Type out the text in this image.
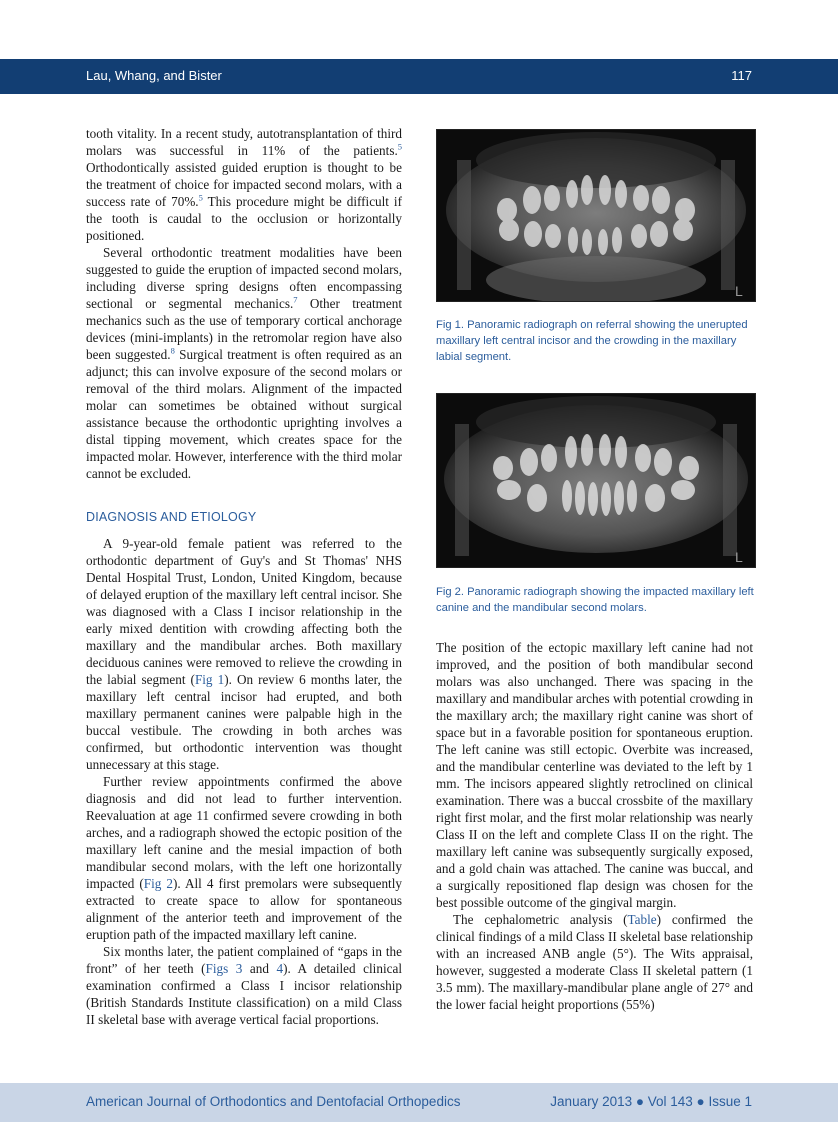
Lau, Whang, and Bister	117

tooth vitality. In a recent study, autotransplantation of third molars was successful in 11% of the patients.$^5$ Orthodontically assisted guided eruption is thought to be the treatment of choice for impacted second molars, with a success rate of 70%.$^5$ This procedure might be difficult if the tooth is caudal to the occlusion or horizontally positioned.

Several orthodontic treatment modalities have been suggested to guide the eruption of impacted second molars, including diverse spring designs often encompassing sectional or segmental mechanics.$^7$ Other treatment mechanics such as the use of temporary cortical anchorage devices (mini-implants) in the retromolar region have also been suggested.$^8$ Surgical treatment is often required as an adjunct; this can involve exposure of the second molars or removal of the third molars. Alignment of the impacted molar can sometimes be obtained without surgical assistance because the orthodontic uprighting involves a distal tipping movement, which creates space for the impacted molar. However, interference with the third molar cannot be excluded.

DIAGNOSIS AND ETIOLOGY

A 9-year-old female patient was referred to the orthodontic department of Guy's and St Thomas' NHS Dental Hospital Trust, London, United Kingdom, because of delayed eruption of the maxillary left central incisor. She was diagnosed with a Class I incisor relationship in the early mixed dentition with crowding affecting both the maxillary and the mandibular arches. Both maxillary deciduous canines were removed to relieve the crowding in the labial segment (Fig 1). On review 6 months later, the maxillary left central incisor had erupted, and both maxillary permanent canines were palpable high in the buccal vestibule. The crowding in both arches was confirmed, but orthodontic intervention was thought unnecessary at this stage.

Further review appointments confirmed the above diagnosis and did not lead to further intervention. Reevaluation at age 11 confirmed severe crowding in both arches, and a radiograph showed the ectopic position of the maxillary left canine and the mesial impaction of both mandibular second molars, with the left one horizontally impacted (Fig 2). All 4 first premolars were subsequently extracted to create space to allow for spontaneous alignment of the anterior teeth and improvement of the eruption path of the impacted maxillary left canine.

Six months later, the patient complained of “gaps in the front” of her teeth (Figs 3 and 4). A detailed clinical examination confirmed a Class I incisor relationship (British Standards Institute classification) on a mild Class II skeletal base with average vertical facial proportions.

L
Fig 1. Panoramic radiograph on referral showing the unerupted maxillary left central incisor and the crowding in the maxillary labial segment.
L
Fig 2. Panoramic radiograph showing the impacted maxillary left canine and the mandibular second molars.

The position of the ectopic maxillary left canine had not improved, and the position of both mandibular second molars was also unchanged. There was spacing in the maxillary and mandibular arches with potential crowding in the maxillary arch; the maxillary right canine was short of space but in a favorable position for spontaneous eruption. The left canine was still ectopic. Overbite was increased, and the mandibular centerline was deviated to the left by 1 mm. The incisors appeared slightly retroclined on clinical examination. There was a buccal crossbite of the maxillary right first molar, and the first molar relationship was nearly Class II on the left and complete Class II on the right. The maxillary left canine was subsequently surgically exposed, and a gold chain was attached. The canine was buccal, and a surgically repositioned flap design was chosen for the best possible outcome of the gingival margin.

The cephalometric analysis (Table) confirmed the clinical findings of a mild Class II skeletal base relationship with an increased ANB angle (5°). The Wits appraisal, however, suggested a moderate Class II skeletal pattern (1 3.5 mm). The maxillary-mandibular plane angle of 27° and the lower facial height proportions (55%)

American Journal of Orthodontics and Dentofacial Orthopedics	January 2013 ● Vol 143 ● Issue 1
